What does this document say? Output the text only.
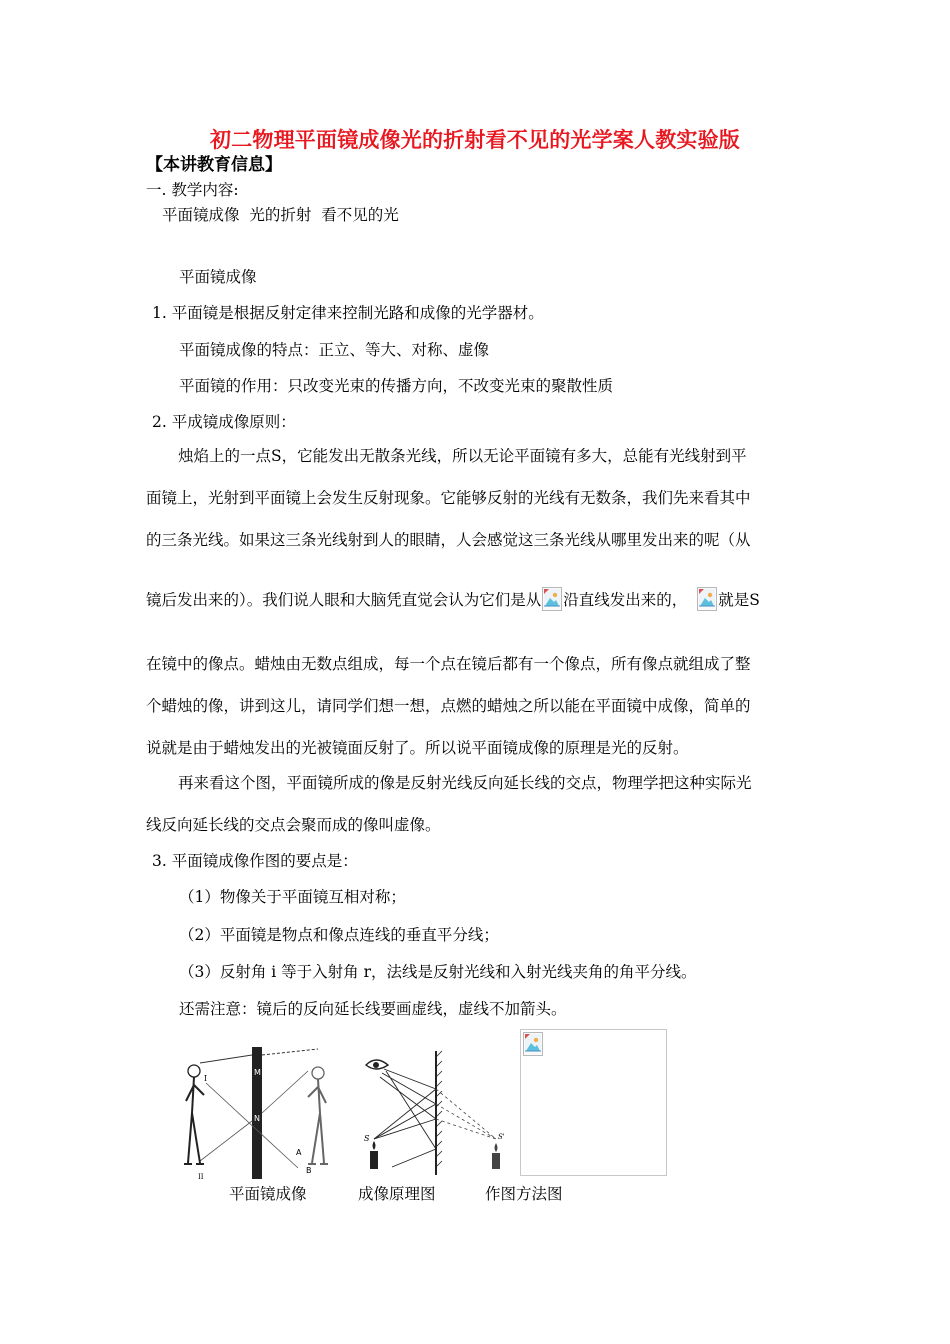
初二物理平面镜成像光的折射看不见的光学案人教实验版
【本讲教育信息】
一. 教学内容:
平面镜成像  光的折射  看不见的光
平面镜成像
1. 平面镜是根据反射定律来控制光路和成像的光学器材。
平面镜成像的特点：正立、等大、对称、虚像
平面镜的作用：只改变光束的传播方向，不改变光束的聚散性质
2. 平成镜成像原则：
烛焰上的一点S，它能发出无散条光线，所以无论平面镜有多大，总能有光线射到平
面镜上，光射到平面镜上会发生反射现象。它能够反射的光线有无数条，我们先来看其中
的三条光线。如果这三条光线射到人的眼睛，人会感觉这三条光线从哪里发出来的呢（从
镜后发出来的）。我们说人眼和大脑凭直觉会认为它们是从 沿直线发出来的， 就是S
在镜中的像点。蜡烛由无数点组成，每一个点在镜后都有一个像点，所有像点就组成了整
个蜡烛的像，讲到这儿，请同学们想一想，点燃的蜡烛之所以能在平面镜中成像，简单的
说就是由于蜡烛发出的光被镜面反射了。所以说平面镜成像的原理是光的反射。
再来看这个图，平面镜所成的像是反射光线反向延长线的交点，物理学把这种实际光
线反向延长线的交点会聚而成的像叫虚像。
3. 平面镜成像作图的要点是：
（1）物像关于平面镜互相对称；
（2）平面镜是物点和像点连线的垂直平分线；
（3）反射角 i 等于入射角 r，法线是反射光线和入射光线夹角的角平分线。
还需注意：镜后的反向延长线要画虚线，虚线不加箭头。
M
N
I
II
B
A
S	S'
平面镜成像	成像原理图	作图方法图
